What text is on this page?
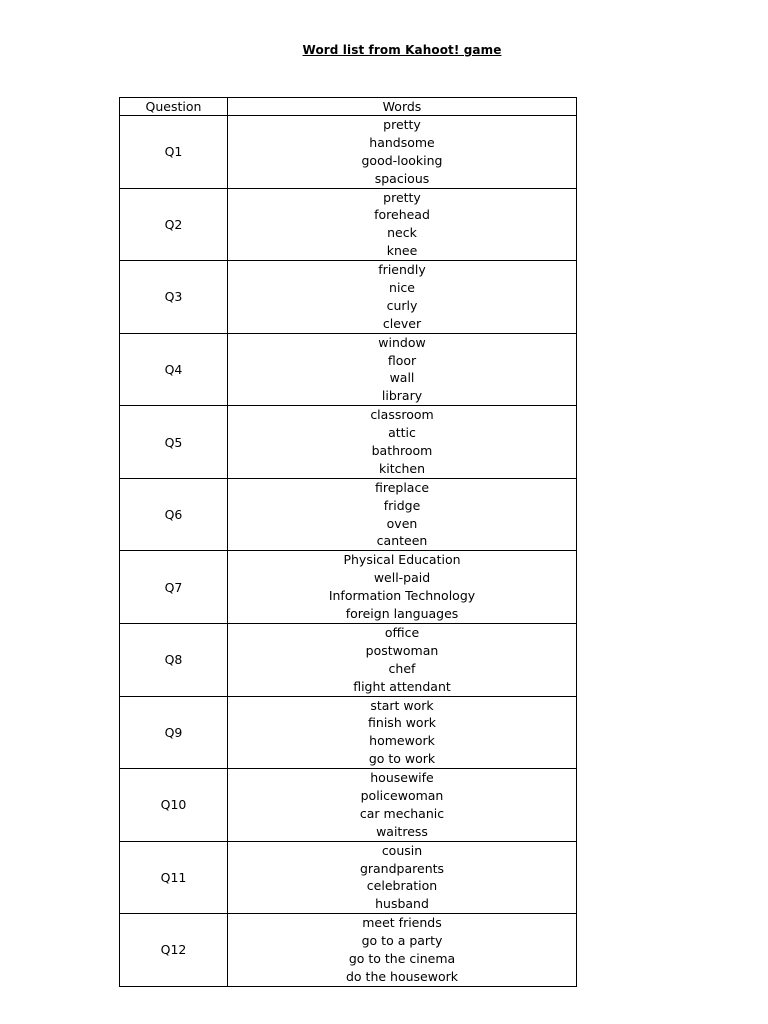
Word list from Kahoot! game
Question	Words
Q1	pretty
handsome
good-looking
spacious

Q2	pretty
forehead
neck
knee

Q3	friendly
nice
curly
clever

Q4	window
floor
wall
library

Q5	classroom
attic
bathroom
kitchen

Q6	fireplace
fridge
oven
canteen

Q7	Physical Education
well-paid
Information Technology
foreign languages

Q8	office
postwoman
chef
flight attendant

Q9	start work
finish work
homework
go to work

Q10	housewife
policewoman
car mechanic
waitress

Q11	cousin
grandparents
celebration
husband

Q12	meet friends
go to a party
go to the cinema
do the housework
